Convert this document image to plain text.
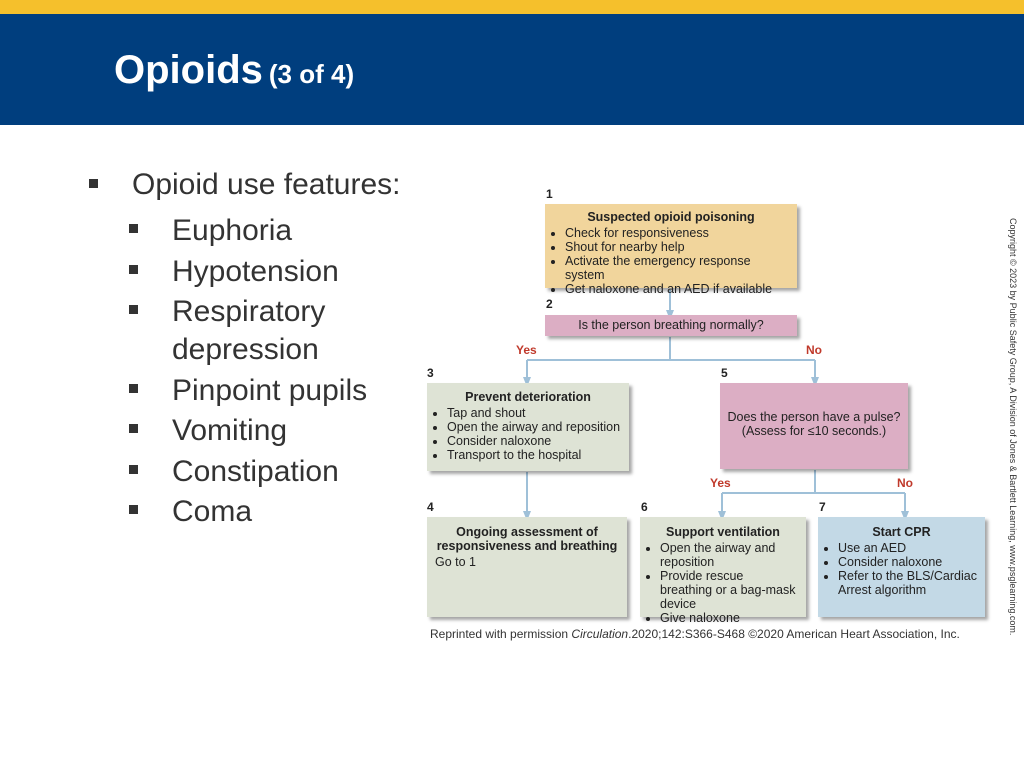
Opioids (3 of 4)
Opioid use features:
Euphoria
Hypotension
Respiratory depression
Pinpoint pupils
Vomiting
Constipation
Coma	Copyright © 2023 by Public Safety Group, A Division of Jones & Bartlett Learning, www.psglearning.com.
1
Suspected opioid poisoning
• Check for responsiveness
• Shout for nearby help
• Activate the emergency response system
• Get naloxone and an AED if available
2
Is the person breathing normally?
Yes	No
3
Prevent deterioration
• Tap and shout
• Open the airway and reposition
• Consider naloxone
• Transport to the hospital
5
Does the person have a pulse?
(Assess for ≤10 seconds.)
Yes	No
4
Ongoing assessment of responsiveness and breathing
Go to 1
6
Support ventilation
• Open the airway and reposition
• Provide rescue breathing or a bag-mask device
• Give naloxone
7
Start CPR
• Use an AED
• Consider naloxone
• Refer to the BLS/Cardiac Arrest algorithm
Reprinted with permission Circulation.2020;142:S366-S468 ©2020 American Heart Association, Inc.
